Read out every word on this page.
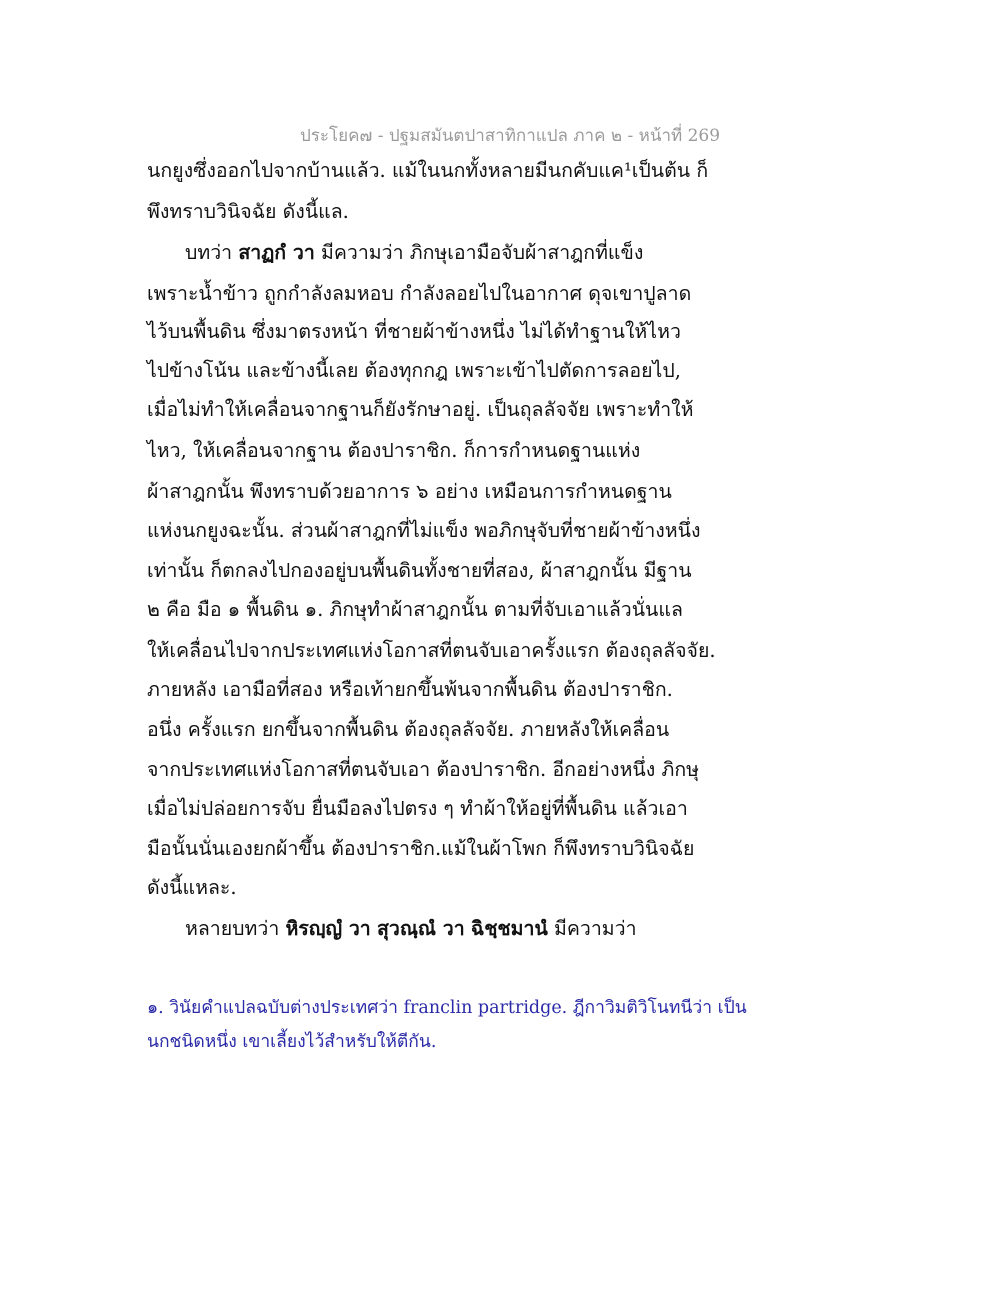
ประโยค๗ - ปฐมสมันตปาสาทิกาแปล ภาค ๒ - หน้าที่ 269
นกยูงซึ่งออกไปจากบ้านแล้ว. แม้ในนกทั้งหลายมีนกคับแค¹เป็นต้น ก็
พึงทราบวินิจฉัย ดังนี้แล.
บทว่า สาฏกํ วา มีความว่า ภิกษุเอามือจับผ้าสาฎกที่แข็ง
เพราะน้ำข้าว ถูกกำลังลมหอบ กำลังลอยไปในอากาศ ดุจเขาปูลาด
ไว้บนพื้นดิน ซึ่งมาตรงหน้า ที่ชายผ้าข้างหนึ่ง ไม่ได้ทำฐานให้ไหว
ไปข้างโน้น และข้างนี้เลย ต้องทุกกฎ เพราะเข้าไปตัดการลอยไป,
เมื่อไม่ทำให้เคลื่อนจากฐานก็ยังรักษาอยู่. เป็นถุลลัจจัย เพราะทำให้
ไหว, ให้เคลื่อนจากฐาน ต้องปาราชิก. ก็การกำหนดฐานแห่ง
ผ้าสาฎกนั้น พึงทราบด้วยอาการ ๖ อย่าง เหมือนการกำหนดฐาน
แห่งนกยูงฉะนั้น. ส่วนผ้าสาฎกที่ไม่แข็ง พอภิกษุจับที่ชายผ้าข้างหนึ่ง
เท่านั้น ก็ตกลงไปกองอยู่บนพื้นดินทั้งชายที่สอง, ผ้าสาฎกนั้น มีฐาน
๒ คือ มือ ๑ พื้นดิน ๑. ภิกษุทำผ้าสาฎกนั้น ตามที่จับเอาแล้วนั่นแล
ให้เคลื่อนไปจากประเทศแห่งโอกาสที่ตนจับเอาครั้งแรก ต้องถุลลัจจัย.
ภายหลัง เอามือที่สอง หรือเท้ายกขึ้นพ้นจากพื้นดิน ต้องปาราชิก.
อนึ่ง ครั้งแรก ยกขึ้นจากพื้นดิน ต้องถุลลัจจัย. ภายหลังให้เคลื่อน
จากประเทศแห่งโอกาสที่ตนจับเอา ต้องปาราชิก. อีกอย่างหนึ่ง ภิกษุ
เมื่อไม่ปล่อยการจับ ยื่นมือลงไปตรง ๆ ทำผ้าให้อยู่ที่พื้นดิน แล้วเอา
มือนั้นนั่นเองยกผ้าขึ้น ต้องปาราชิก.แม้ในผ้าโพก ก็พึงทราบวินิจฉัย
ดังนี้แหละ.
หลายบทว่า หิรญฺญํ วา สุวณฺณํ วา ฉิชฺชมานํ มีความว่า
๑. วินัยคำแปลฉบับต่างประเทศว่า franclin partridge. ฎีกาวิมติวิโนทนีว่า เป็น
นกชนิดหนึ่ง เขาเลี้ยงไว้สำหรับให้ตีกัน.
